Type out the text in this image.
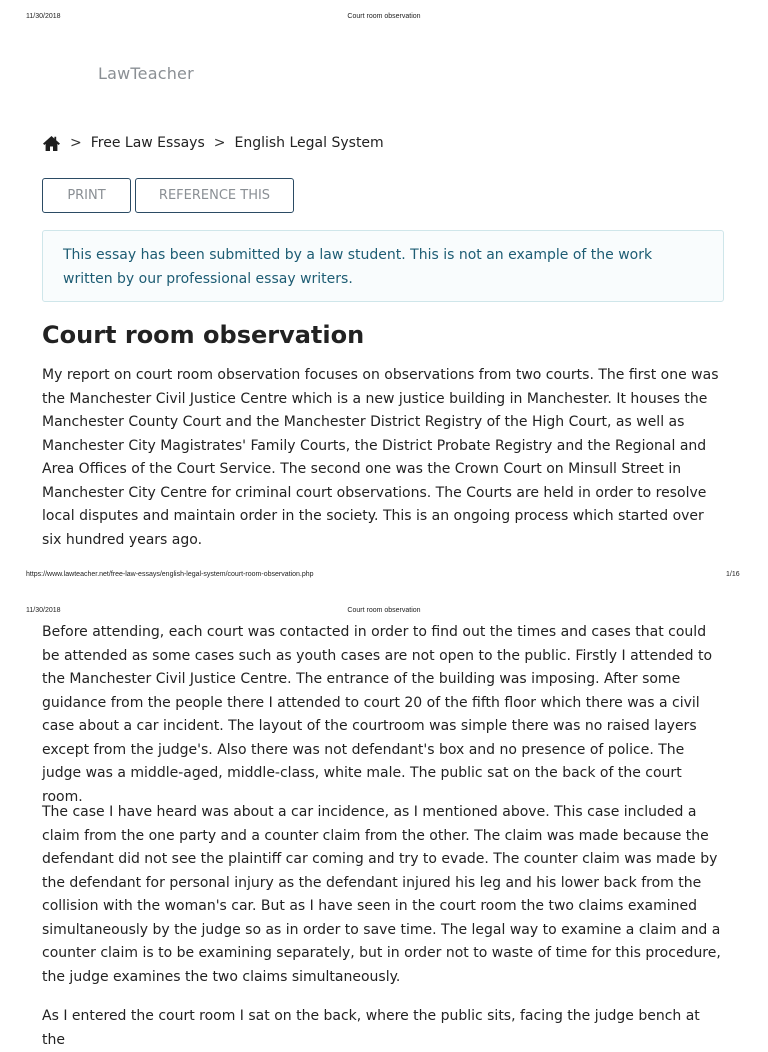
11/30/2018	Court room observation
LawTeacher
> Free Law Essays > English Legal System
PRINT	REFERENCE THIS
This essay has been submitted by a law student. This is not an example of the work written by our professional essay writers.
Court room observation

My report on court room observation focuses on observations from two courts. The first one was the Manchester Civil Justice Centre which is a new justice building in Manchester. It houses the Manchester County Court and the Manchester District Registry of the High Court, as well as Manchester City Magistrates' Family Courts, the District Probate Registry and the Regional and Area Offices of the Court Service. The second one was the Crown Court on Minsull Street in Manchester City Centre for criminal court observations. The Courts are held in order to resolve local disputes and maintain order in the society. This is an ongoing process which started over six hundred years ago.

https://www.lawteacher.net/free-law-essays/english-legal-system/court-room-observation.php	1/16
11/30/2018	Court room observation

Before attending, each court was contacted in order to find out the times and cases that could be attended as some cases such as youth cases are not open to the public. Firstly I attended to the Manchester Civil Justice Centre. The entrance of the building was imposing. After some guidance from the people there I attended to court 20 of the fifth floor which there was a civil case about a car incident. The layout of the courtroom was simple there was no raised layers except from the judge's. Also there was not defendant's box and no presence of police. The judge was a middle-aged, middle-class, white male. The public sat on the back of the court room.

The case I have heard was about a car incidence, as I mentioned above. This case included a claim from the one party and a counter claim from the other. The claim was made because the defendant did not see the plaintiff car coming and try to evade. The counter claim was made by the defendant for personal injury as the defendant injured his leg and his lower back from the collision with the woman's car. But as I have seen in the court room the two claims examined simultaneously by the judge so as in order to save time. The legal way to examine a claim and a counter claim is to be examining separately, but in order not to waste of time for this procedure, the judge examines the two claims simultaneously.

As I entered the court room I sat on the back, where the public sits, facing the judge bench at the
